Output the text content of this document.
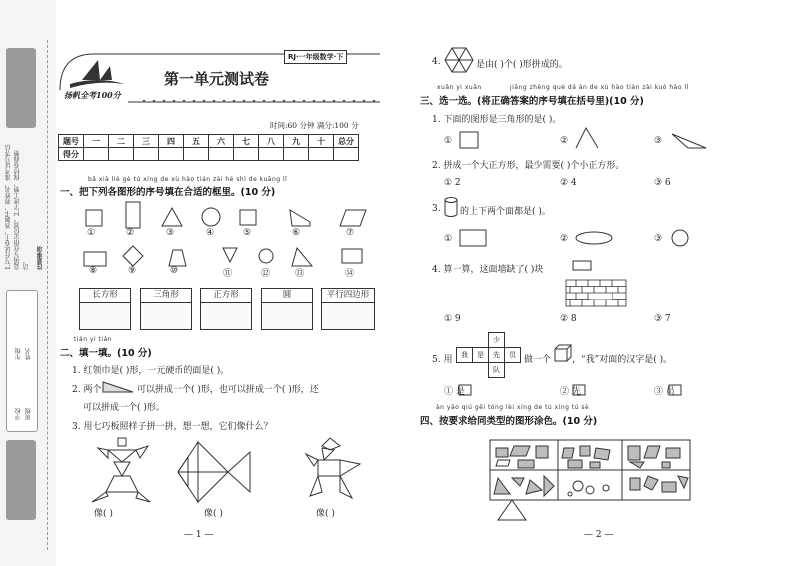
1.写在试卷上，答题卡，将姓名、准考证号等信息填写在指定位置。2.字迹工整，保持卷面整洁。	注意事项
学校 班级
年级 姓名
扬帆全考100分
RJ·一年级数学·下
第一单元测试卷
时间:60 分钟 满分:100 分
题号	一	二	三	四	五	六	七	八	九	十	总分
得分											
bǎ xià liè gè tú xíng de xù hào tián zài hé shì de kuāng lǐ
一、把下列各图形的序号填在合适的框里。(10 分)
①	②	③	④	⑤	⑥	⑦
⑧	⑨	⑩	⑪	⑫	⑬	⑭
长方形	三角形	正方形	圆	平行四边形
tián yi tián
二、填一填。(10 分)
1. 红领巾是( )形，一元硬币的面是( )。
2. 两个	可以拼成一个( )形，也可以拼成一个( )形，还
可以拼成一个( )形。
3. 用七巧板照样子拼一拼，想一想，它们像什么？
像( )	像( )	像( )
— 1 —
4.	是由( )个( )形拼成的。
xuǎn yi xuǎn	jiāng zhèng què dá àn de xù hào tián zài kuò hào lǐ
三、选一选。(将正确答案的序号填在括号里)(10 分)
1. 下面的图形是三角形的是( )。
①	②	③
2. 拼成一个大正方形，最少需要( )个小正方形。
① 2	② 4	③ 6
3. 的上下两个面都是( )。
①	②	③
4. 算一算，这面墙缺了( )块
① 9	② 8	③ 7
5. 用
少
我	是	先	员
队
做一个 ，“我”对面的汉字是( )。
① 是	② 先	③ 员
àn yāo qiú gěi tóng lèi xíng de tú xíng tú sè
四、按要求给同类型的图形涂色。(10 分)
— 2 —
